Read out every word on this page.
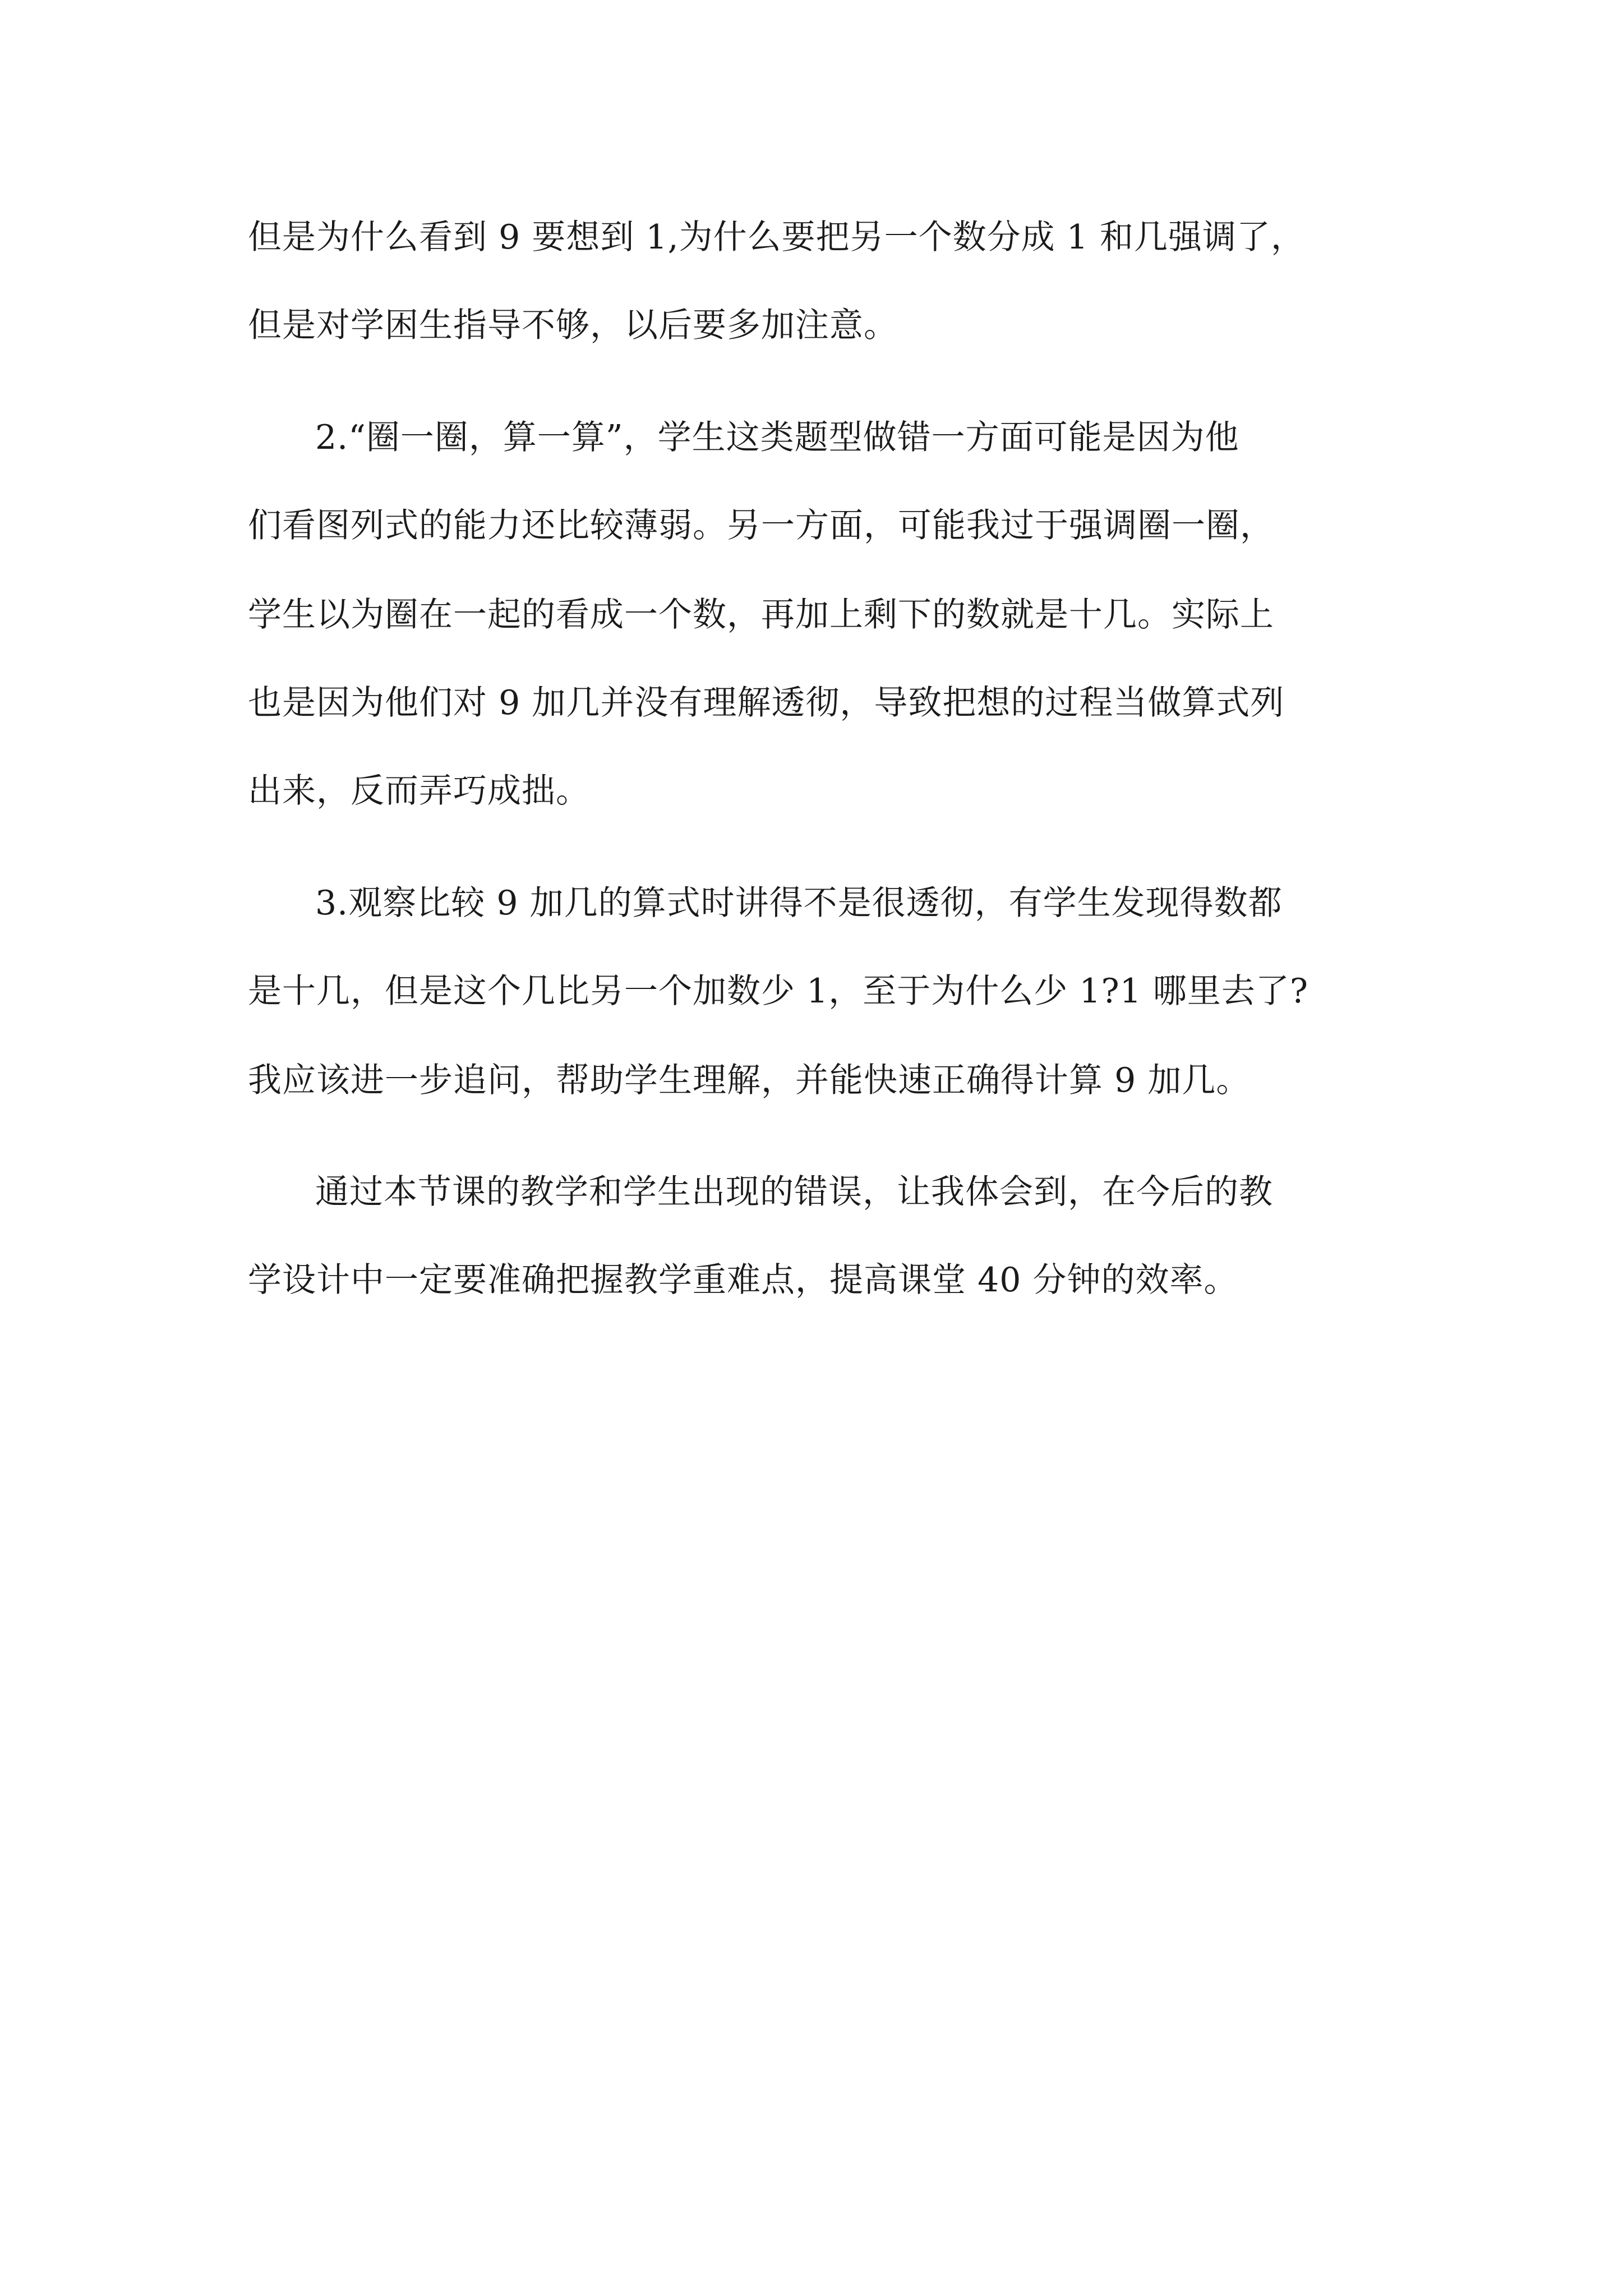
但是为什么看到 9 要想到 1,为什么要把另一个数分成 1 和几强调了，
但是对学困生指导不够，以后要多加注意。
2.“圈一圈，算一算”，学生这类题型做错一方面可能是因为他
们看图列式的能力还比较薄弱。另一方面，可能我过于强调圈一圈，
学生以为圈在一起的看成一个数，再加上剩下的数就是十几。实际上
也是因为他们对 9 加几并没有理解透彻，导致把想的过程当做算式列
出来，反而弄巧成拙。
3.观察比较 9 加几的算式时讲得不是很透彻，有学生发现得数都
是十几，但是这个几比另一个加数少 1，至于为什么少 1?1 哪里去了?
我应该进一步追问，帮助学生理解，并能快速正确得计算 9 加几。
通过本节课的教学和学生出现的错误，让我体会到，在今后的教
学设计中一定要准确把握教学重难点，提高课堂 40 分钟的效率。
